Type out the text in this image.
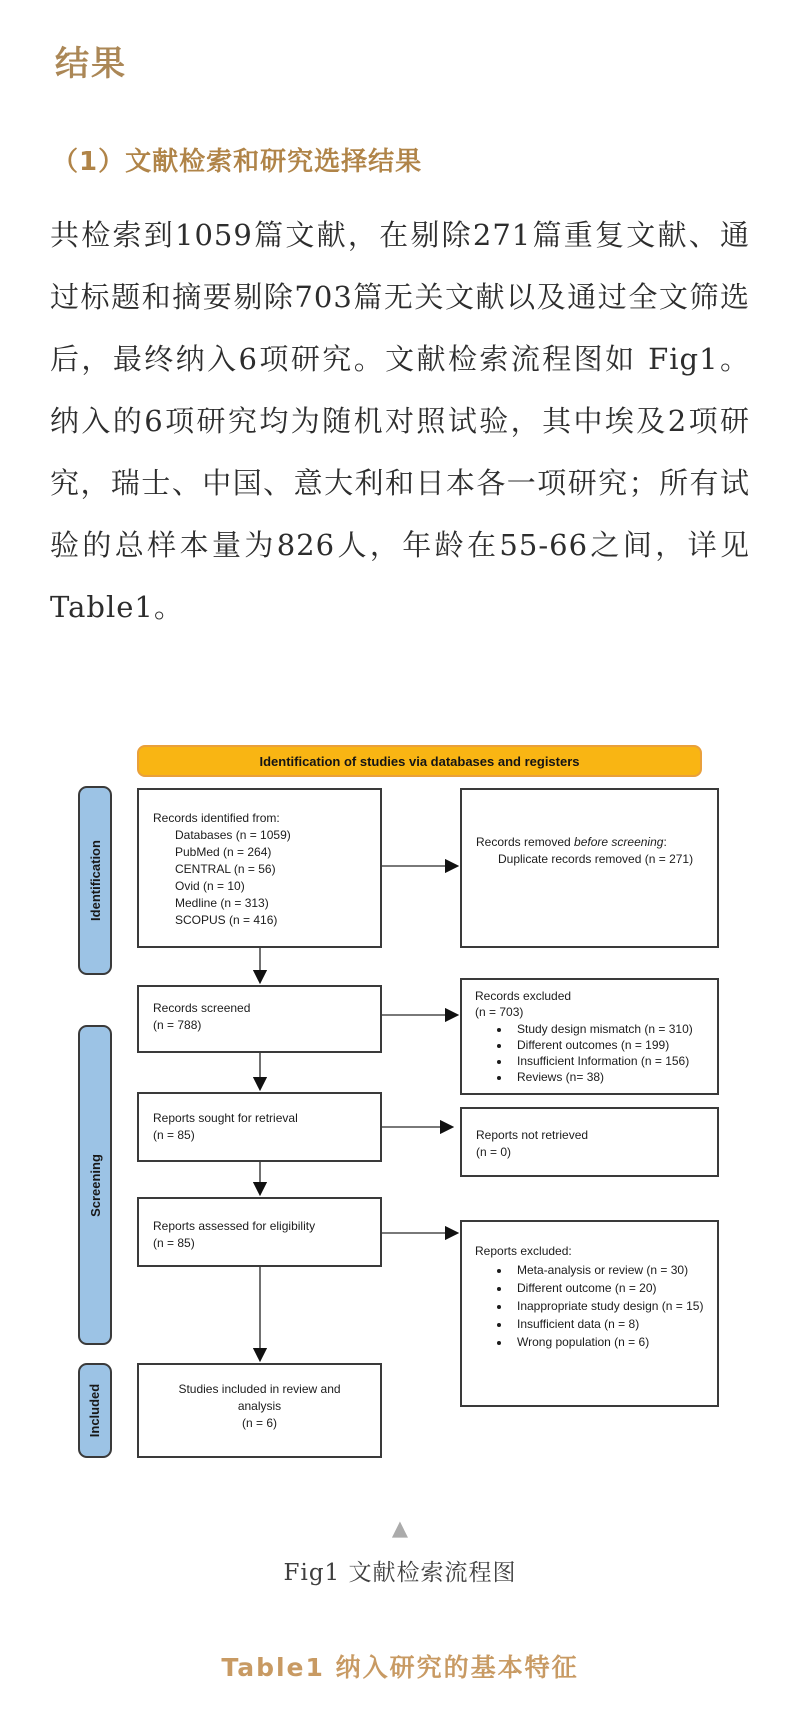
结果
（1）文献检索和研究选择结果
共检索到1059篇文献，在剔除271篇重复文献、通过标题和摘要剔除703篇无关文献以及通过全文筛选后，最终纳入6项研究。文献检索流程图如 Fig1。纳入的6项研究均为随机对照试验，其中埃及2项研究，瑞士、中国、意大利和日本各一项研究；所有试验的总样本量为826人，年龄在55-66之间，详见Table1。
Identification of studies via databases and registers
Identification
Screening
Included
Records identified from:
Databases (n = 1059)
PubMed (n = 264)
CENTRAL (n = 56)
Ovid (n = 10)
Medline (n = 313)
SCOPUS (n = 416)
Records removed before screening:
Duplicate records removed (n = 271)
Records screened
(n = 788)
Records excluded
(n = 703)
• Study design mismatch (n = 310)
• Different outcomes (n = 199)
• Insufficient Information (n = 156)
• Reviews (n= 38)
Reports sought for retrieval
(n = 85)	Reports not retrieved
(n = 0)
Reports assessed for eligibility
(n = 85)
Reports excluded:
• Meta-analysis or review (n = 30)
• Different outcome (n = 20)
• Inappropriate study design (n = 15)
• Insufficient data (n = 8)
• Wrong population (n = 6)
Studies included in review and
analysis
(n = 6)
▲
Fig1 文献检索流程图
Table1 纳入研究的基本特征
